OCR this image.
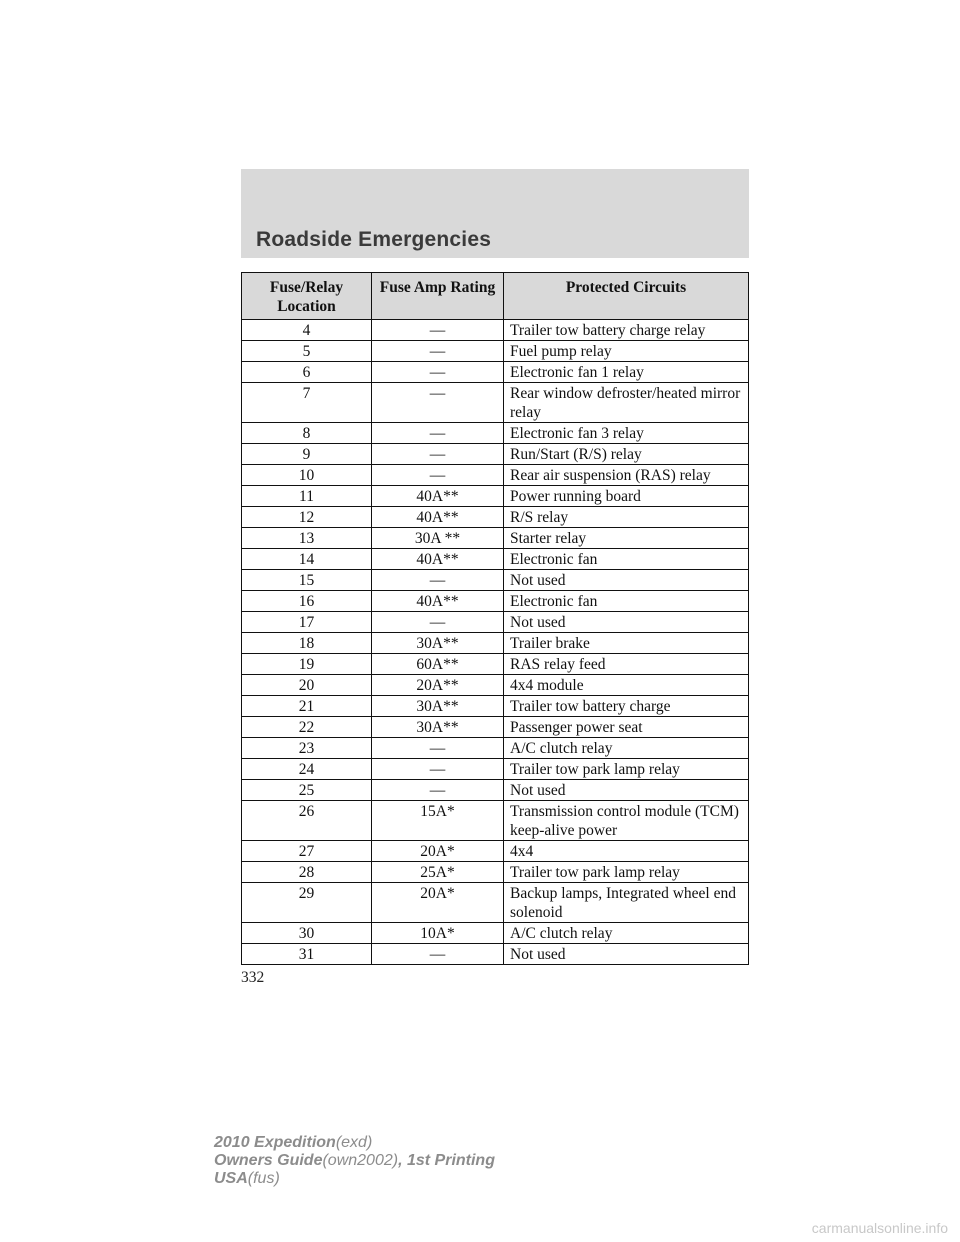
Roadside Emergencies
Fuse/Relay Location	Fuse Amp Rating	Protected Circuits
4	—	Trailer tow battery charge relay
5	—	Fuel pump relay
6	—	Electronic fan 1 relay
7	—	Rear window defroster/heated mirror relay
8	—	Electronic fan 3 relay
9	—	Run/Start (R/S) relay
10	—	Rear air suspension (RAS) relay
11	40A**	Power running board
12	40A**	R/S relay
13	30A **	Starter relay
14	40A**	Electronic fan
15	—	Not used
16	40A**	Electronic fan
17	—	Not used
18	30A**	Trailer brake
19	60A**	RAS relay feed
20	20A**	4x4 module
21	30A**	Trailer tow battery charge
22	30A**	Passenger power seat
23	—	A/C clutch relay
24	—	Trailer tow park lamp relay
25	—	Not used
26	15A*	Transmission control module (TCM) keep-alive power
27	20A*	4x4
28	25A*	Trailer tow park lamp relay
29	20A*	Backup lamps, Integrated wheel end solenoid
30	10A*	A/C clutch relay
31	—	Not used
332
2010 Expedition(exd)
Owners Guide(own2002), 1st Printing
USA(fus)
carmanualsonline.info
